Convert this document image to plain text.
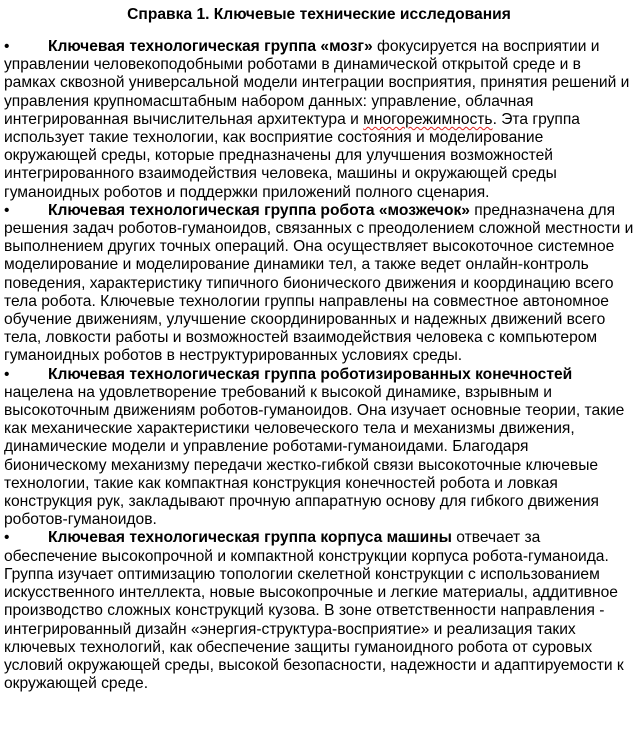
Справка 1. Ключевые технические исследования

• Ключевая технологическая группа «мозг» фокусируется на восприятии и управлении человекоподобными роботами в динамической открытой среде и в рамках сквозной универсальной модели интеграции восприятия, принятия решений и управления крупномасштабным набором данных: управление, облачная интегрированная вычислительная архитектура и многорежимность. Эта группа использует такие технологии, как восприятие состояния и моделирование окружающей среды, которые предназначены для улучшения возможностей интегрированного взаимодействия человека, машины и окружающей среды гуманоидных роботов и поддержки приложений полного сценария.

• Ключевая технологическая группа робота «мозжечок» предназначена для решения задач роботов-гуманоидов, связанных с преодолением сложной местности и выполнением других точных операций. Она осуществляет высокоточное системное моделирование и моделирование динамики тел, а также ведет онлайн-контроль поведения, характеристику типичного бионического движения и координацию всего тела робота. Ключевые технологии группы направлены на совместное автономное обучение движениям, улучшение скоординированных и надежных движений всего тела, ловкости работы и возможностей взаимодействия человека с компьютером гуманоидных роботов в неструктурированных условиях среды.

• Ключевая технологическая группа роботизированных конечностей нацелена на удовлетворение требований к высокой динамике, взрывным и высокоточным движениям роботов-гуманоидов. Она изучает основные теории, такие как механические характеристики человеческого тела и механизмы движения, динамические модели и управление роботами-гуманоидами. Благодаря бионическому механизму передачи жестко-гибкой связи высокоточные ключевые технологии, такие как компактная конструкция конечностей робота и ловкая конструкция рук, закладывают прочную аппаратную основу для гибкого движения роботов-гуманоидов.

• Ключевая технологическая группа корпуса машины отвечает за обеспечение высокопрочной и компактной конструкции корпуса робота-гуманоида. Группа изучает оптимизацию топологии скелетной конструкции с использованием искусственного интеллекта, новые высокопрочные и легкие материалы, аддитивное производство сложных конструкций кузова. В зоне ответственности направления - интегрированный дизайн «энергия-структура-восприятие» и реализация таких ключевых технологий, как обеспечение защиты гуманоидного робота от суровых условий окружающей среды, высокой безопасности, надежности и адаптируемости к окружающей среде.
